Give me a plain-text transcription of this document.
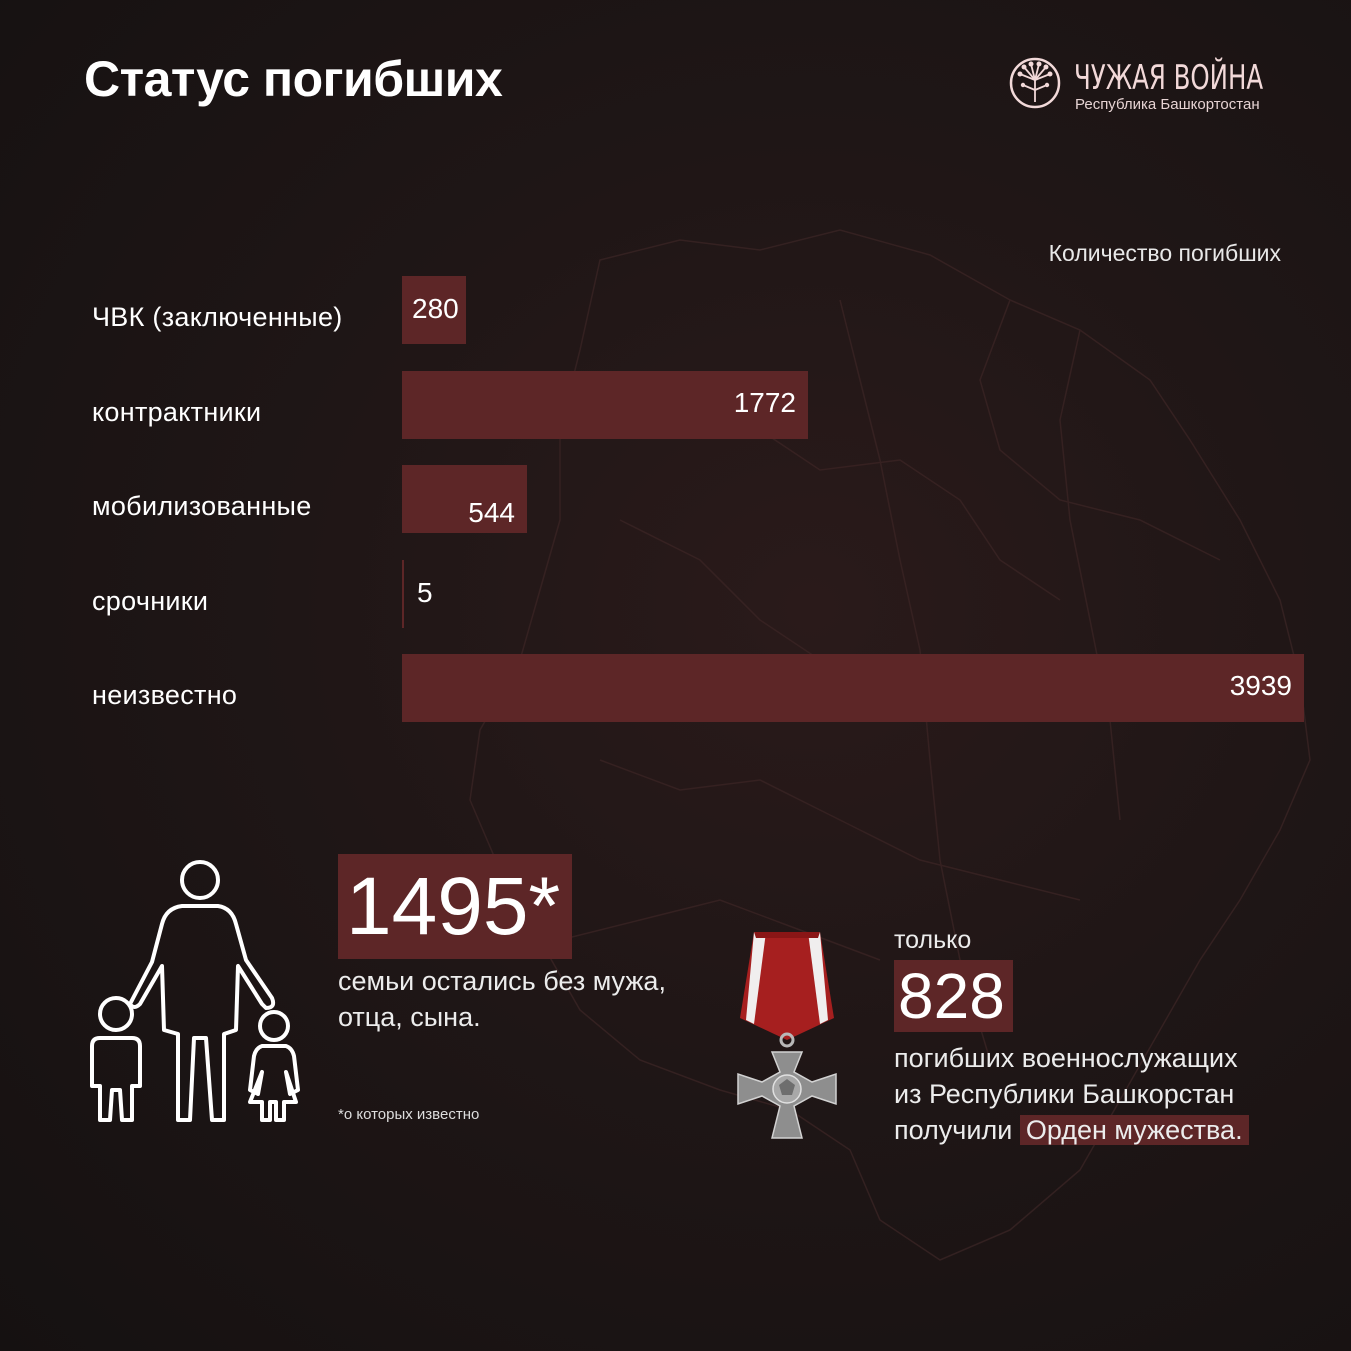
Статус погибших	ЧУЖАЯ ВОЙНА
Республика Башкортостан
Количество погибших
ЧВК (заключенные) 280
контрактники	1772
мобилизованные	544
срочники	5
неизвестно	3939
1495*
семьи остались без мужа,
отца, сына.
*о которых известно
только
828
погибших военнослужащих
из Республики Башкорстан
получили Орден мужества.
